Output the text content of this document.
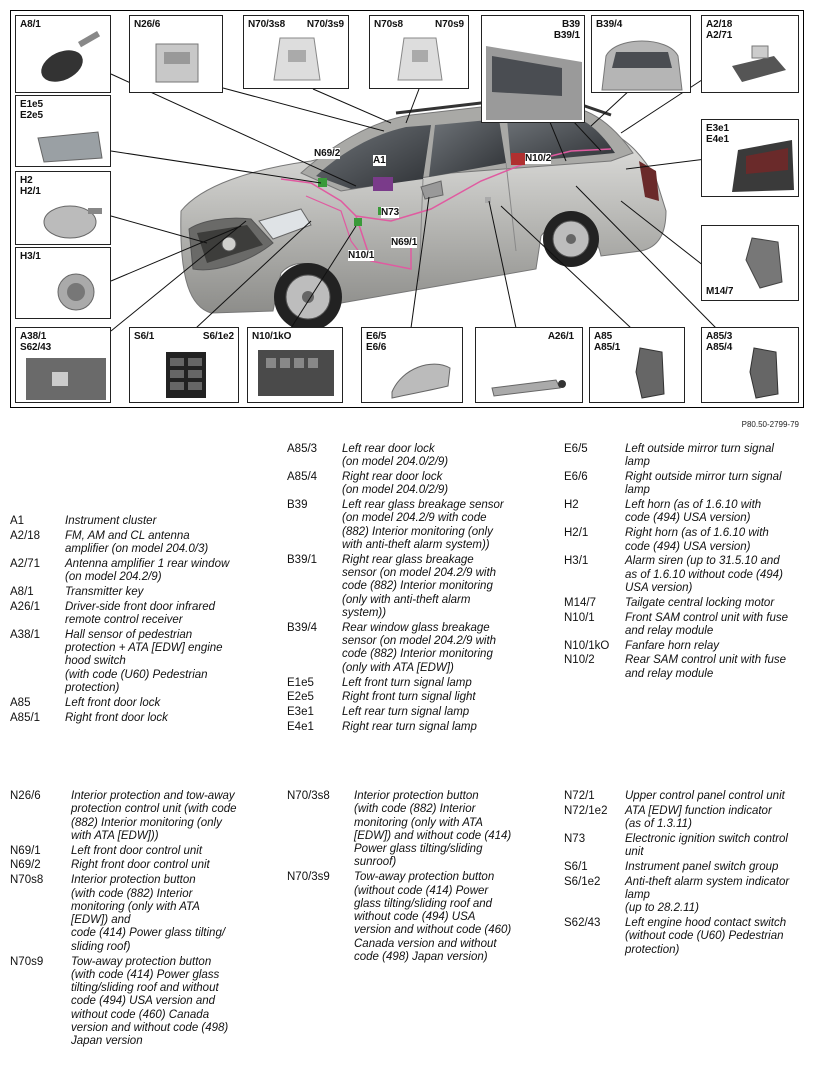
N69/2
A1	N10/2
N73
N69/1
N10/1
A8/1	N26/6	N70/3s8 N70/3s9	N70s8	N70s9	B39
B39/1
B39/4	A2/18
A2/71
E1e5
E2e5
H2
H2/1
H3/1
A38/1
S62/43
E3e1
E4e1
M14/7
S6/1	S6/1e2 N10/1kO	E6/5
E6/6
A26/1 A85
A85/1
A85/3
A85/4
P80.50-2799-79
A1	Instrument cluster
A2/18	FM, AM and CL antenna
amplifier (on model 204.0/3)
A2/71	Antenna amplifier 1 rear window
(on model 204.2/9)
A8/1	Transmitter key
A26/1	Driver-side front door infrared
remote control receiver
A38/1	Hall sensor of pedestrian
protection + ATA [EDW] engine
hood switch
(with code (U60) Pedestrian
protection)
A85	Left front door lock
A85/1	Right front door lock
A85/3	Left rear door lock
(on model 204.0/2/9)
A85/4	Right rear door lock
(on model 204.0/2/9)
B39	Left rear glass breakage sensor
(on model 204.2/9 with code
(882) Interior monitoring (only
with anti-theft alarm system))
B39/1	Right rear glass breakage
sensor (on model 204.2/9 with
code (882) Interior monitoring
(only with anti-theft alarm
system))
B39/4	Rear window glass breakage
sensor (on model 204.2/9 with
code (882) Interior monitoring
(only with ATA [EDW])
E1e5	Left front turn signal lamp
E2e5	Right front turn signal light
E3e1	Left rear turn signal lamp
E4e1	Right rear turn signal lamp
E6/5	Left outside mirror turn signal
lamp
E6/6	Right outside mirror turn signal
lamp
H2	Left horn (as of 1.6.10 with
code (494) USA version)
H2/1	Right horn (as of 1.6.10 with
code (494) USA version)
H3/1	Alarm siren (up to 31.5.10 and
as of 1.6.10 without code (494)
USA version)
M14/7	Tailgate central locking motor
N10/1	Front SAM control unit with fuse
and relay module
N10/1kO	Fanfare horn relay
N10/2	Rear SAM control unit with fuse
and relay module
N26/6	Interior protection and tow-away
protection control unit (with code
(882) Interior monitoring (only
with ATA [EDW]))
N69/1	Left front door control unit
N69/2	Right front door control unit
N70s8	Interior protection button
(with code (882) Interior
monitoring (only with ATA
[EDW]) and
code (414) Power glass tilting/
sliding roof)
N70s9	Tow-away protection button
(with code (414) Power glass
tilting/sliding roof and without
code (494) USA version and
without code (460) Canada
version and without code (498)
Japan version
N70/3s8	Interior protection button
(with code (882) Interior
monitoring (only with ATA
[EDW]) and without code (414)
Power glass tilting/sliding
sunroof)
N70/3s9	Tow-away protection button
(without code (414) Power
glass tilting/sliding roof and
without code (494) USA
version and without code (460)
Canada version and without
code (498) Japan version)
N72/1	Upper control panel control unit
N72/1e2	ATA [EDW] function indicator
(as of 1.3.11)
N73	Electronic ignition switch control
unit
S6/1	Instrument panel switch group
S6/1e2	Anti-theft alarm system indicator
lamp
(up to 28.2.11)
S62/43	Left engine hood contact switch
(without code (U60) Pedestrian
protection)
